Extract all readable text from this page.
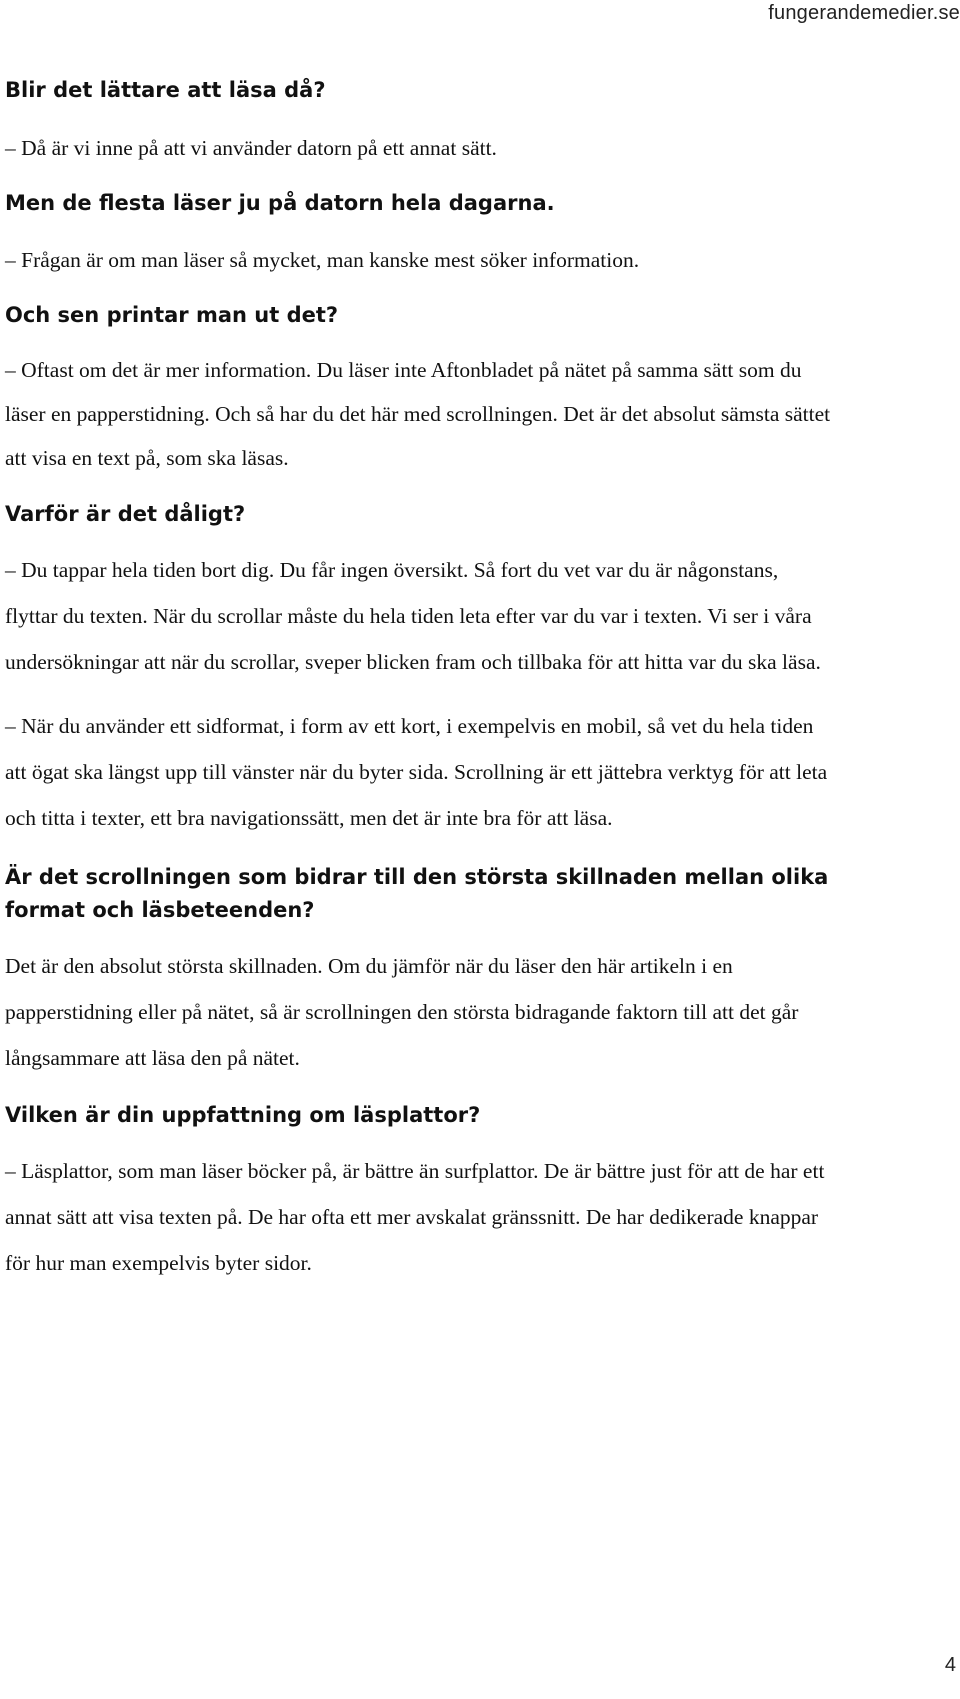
fungerandemedier.se

Blir det lättare att läsa då?

– Då är vi inne på att vi använder datorn på ett annat sätt.

Men de flesta läser ju på datorn hela dagarna.

– Frågan är om man läser så mycket, man kanske mest söker information.

Och sen printar man ut det?

– Oftast om det är mer information. Du läser inte Aftonbladet på nätet på samma sätt som du läser en papperstidning. Och så har du det här med scrollningen. Det är det absolut sämsta sättet att visa en text på, som ska läsas.

Varför är det dåligt?

– Du tappar hela tiden bort dig. Du får ingen översikt. Så fort du vet var du är någonstans, flyttar du texten. När du scrollar måste du hela tiden leta efter var du var i texten. Vi ser i våra undersökningar att när du scrollar, sveper blicken fram och tillbaka för att hitta var du ska läsa.

– När du använder ett sidformat, i form av ett kort, i exempelvis en mobil, så vet du hela tiden att ögat ska längst upp till vänster när du byter sida. Scrollning är ett jättebra verktyg för att leta och titta i texter, ett bra navigationssätt, men det är inte bra för att läsa.

Är det scrollningen som bidrar till den största skillnaden mellan olika format och läsbeteenden?

Det är den absolut största skillnaden. Om du jämför när du läser den här artikeln i en papperstidning eller på nätet, så är scrollningen den största bidragande faktorn till att det går långsammare att läsa den på nätet.

Vilken är din uppfattning om läsplattor?

– Läsplattor, som man läser böcker på, är bättre än surfplattor. De är bättre just för att de har ett annat sätt att visa texten på. De har ofta ett mer avskalat gränssnitt. De har dedikerade knappar för hur man exempelvis byter sidor.

4
